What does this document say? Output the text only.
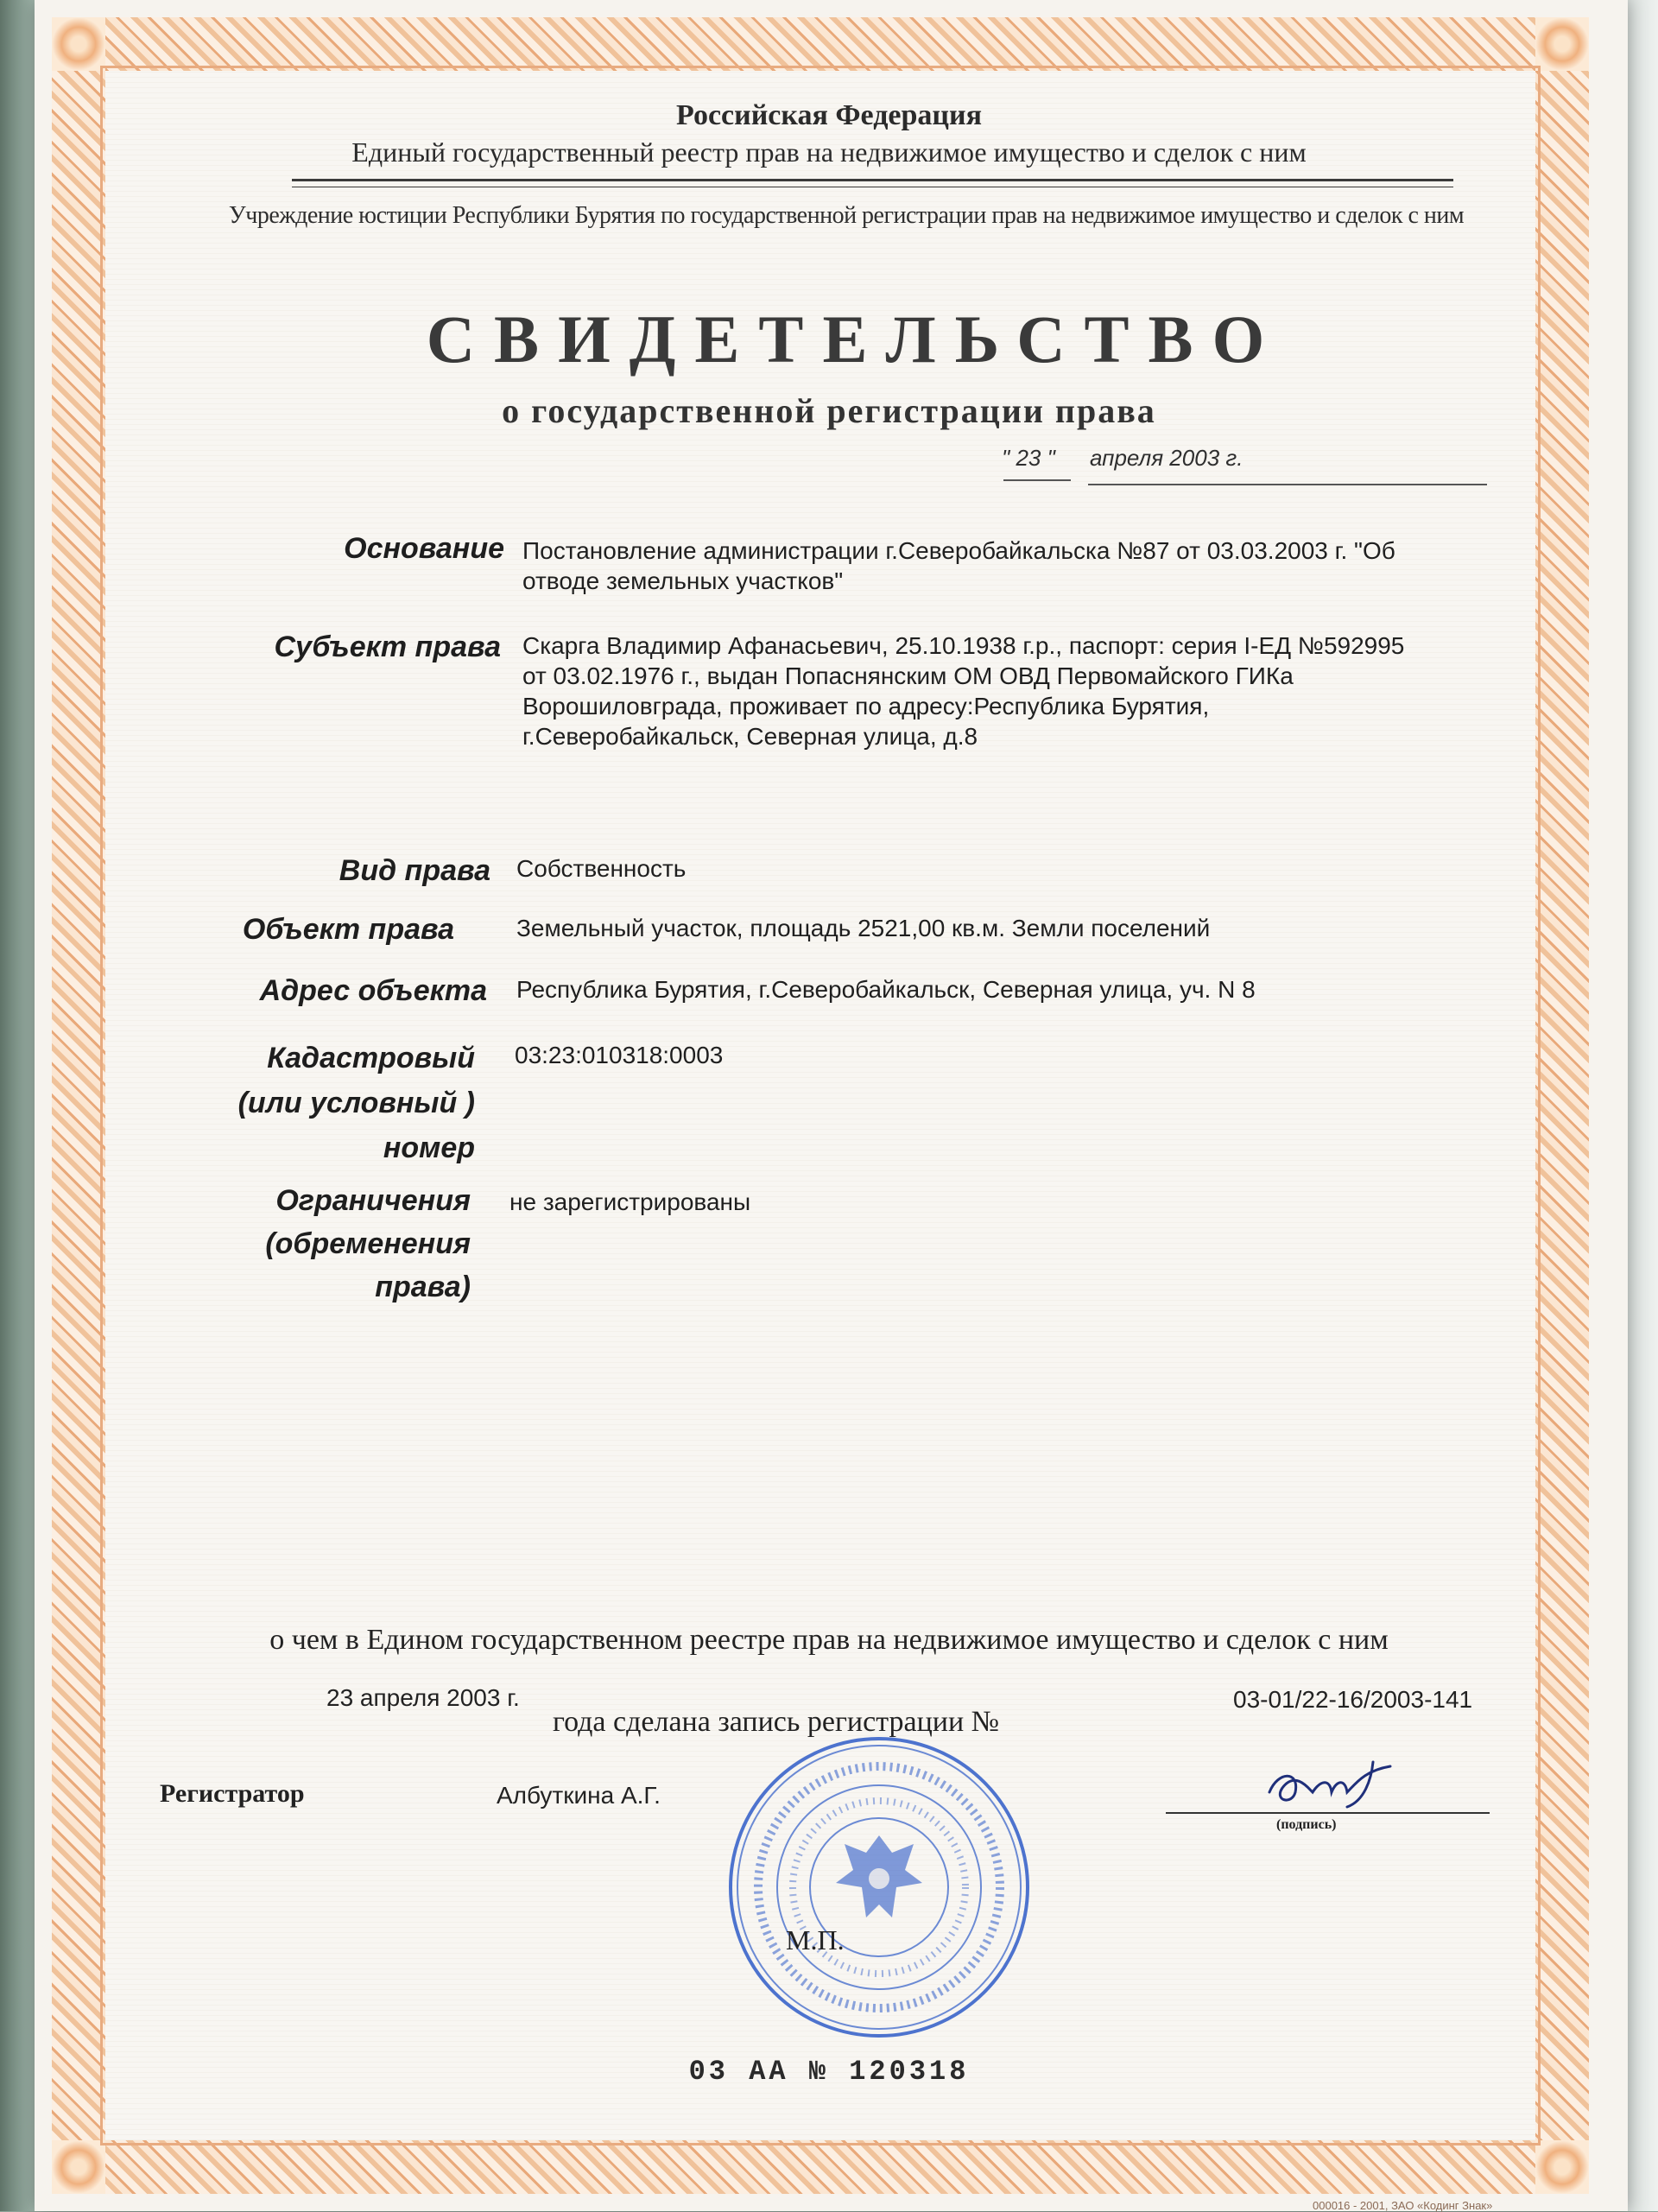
Российская Федерация
Единый государственный реестр прав на недвижимое имущество и сделок с ним
Учреждение юстиции Республики Бурятия по государственной регистрации прав на недвижимое имущество и сделок с ним
СВИДЕТЕЛЬСТВО
о государственной регистрации права
" 23 " апреля 2003 г.
Основание Постановление администрации г.Северобайкальска №87 от 03.03.2003 г. "Об
отводе земельных участков"
Субъект права Скарга Владимир Афанасьевич, 25.10.1938 г.р., паспорт: серия I-ЕД №592995
от 03.02.1976 г., выдан Попаснянским ОМ ОВД Первомайского ГИКа
Ворошиловграда, проживает по адресу:Республика Бурятия,
г.Северобайкальск, Северная улица, д.8
Вид права Собственность
Объект права	Земельный участок, площадь 2521,00 кв.м. Земли поселений
Адрес объекта Республика Бурятия, г.Северобайкальск, Северная улица, уч. N 8
Кадастровый
(или условный )
номер
03:23:010318:0003
Ограничения
(обременения
права)
не зарегистрированы
о чем в Едином государственном реестре прав на недвижимое имущество и сделок с ним
23 апреля 2003 г.
года сделана запись регистрации №
03-01/22-16/2003-141
Регистратор	Албуткина А.Г.
(подпись)
М.П.
03 АА № 120318
000016 - 2001, ЗАО «Кодинг Знак»
